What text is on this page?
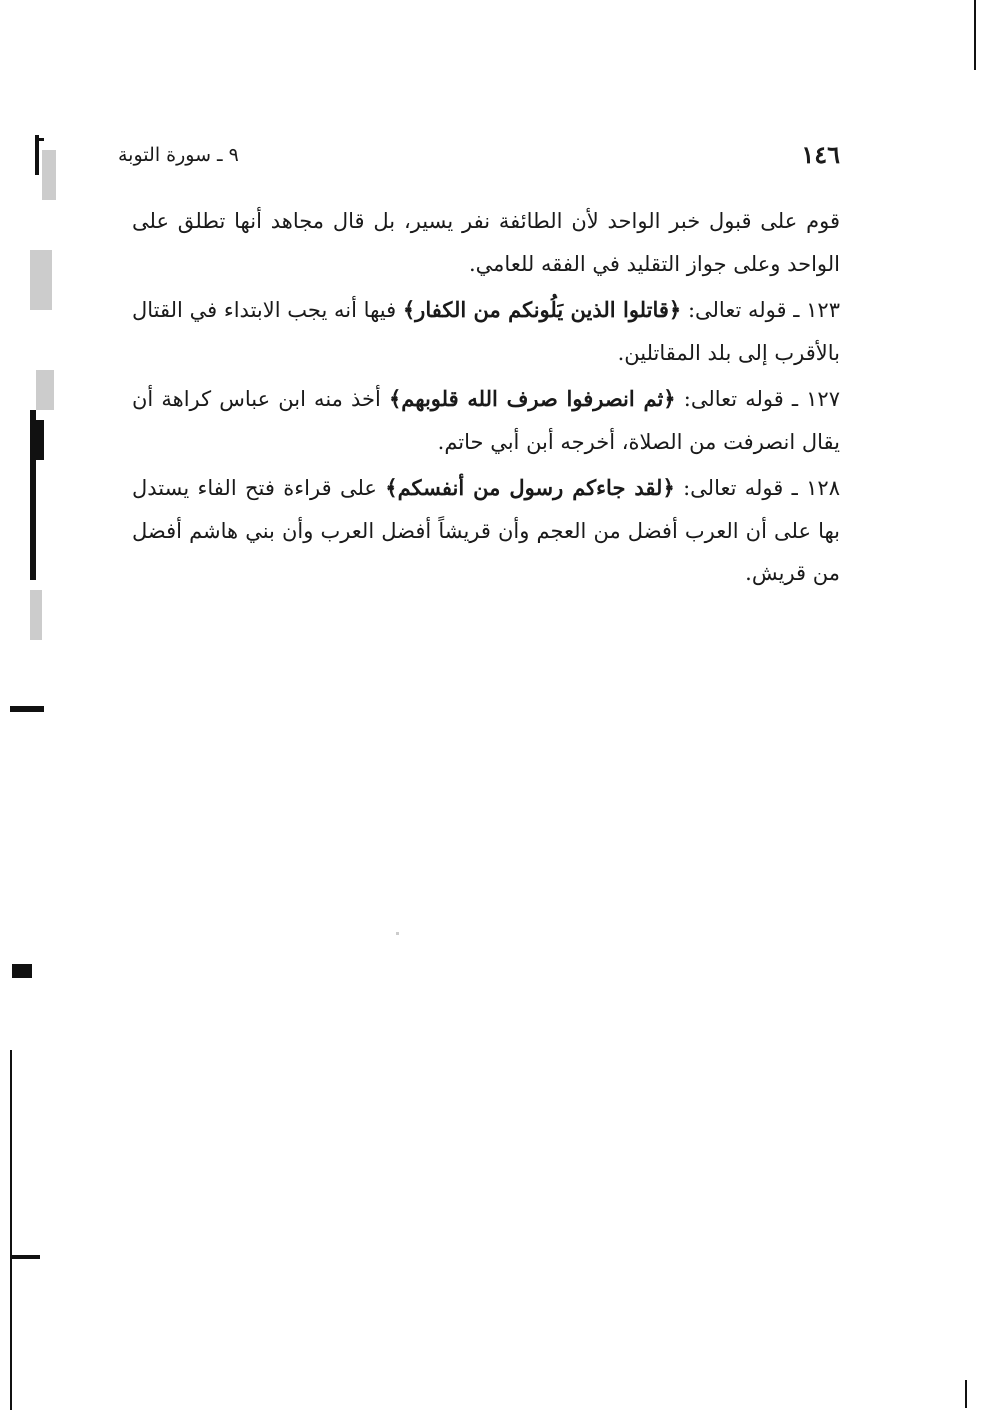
١٤٦
٩ ـ سورة التوبة

قوم على قبول خبر الواحد لأن الطائفة نفر يسير، بل قال مجاهد أنها تطلق على الواحد وعلى جواز التقليد في الفقه للعامي.

١٢٣ ـ قوله تعالى: ﴿قاتلوا الذين يَلُونكم من الكفار﴾ فيها أنه يجب الابتداء في القتال بالأقرب إلى بلد المقاتلين.

١٢٧ ـ قوله تعالى: ﴿ثم انصرفوا صرف الله قلوبهم﴾ أخذ منه ابن عباس كراهة أن يقال انصرفت من الصلاة، أخرجه أبن أبي حاتم.

١٢٨ ـ قوله تعالى: ﴿لقد جاءكم رسول من أنفسكم﴾ على قراءة فتح الفاء يستدل بها على أن العرب أفضل من العجم وأن قريشاً أفضل العرب وأن بني هاشم أفضل من قريش.
